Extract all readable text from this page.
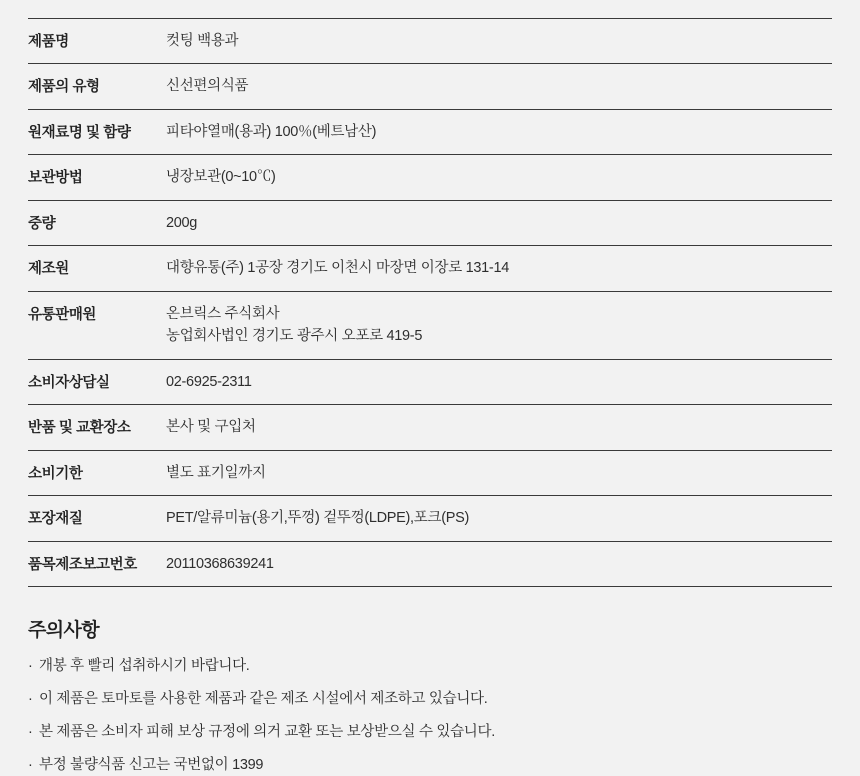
제품명	컷팅 백용과

제품의 유형	신선편의식품

원재료명 및 함량	피타야열매(용과) 100％(베트남산)

보관방법	냉장보관(0~10℃)

중량	200g

제조원	대향유통(주) 1공장 경기도 이천시 마장면 이장로 131-14

유통판매원	온브릭스 주식회사
농업회사법인 경기도 광주시 오포로 419-5

소비자상담실	02-6925-2311

반품 및 교환장소	본사 및 구입처

소비기한	별도 표기일까지

포장재질	PET/알류미늄(용기,뚜껑) 겉뚜껑(LDPE),포크(PS)

품목제조보고번호	20110368639241
주의사항
· 개봉 후 빨리 섭취하시기 바랍니다.
· 이 제품은 토마토를 사용한 제품과 같은 제조 시설에서 제조하고 있습니다.
· 본 제품은 소비자 피해 보상 규정에 의거 교환 또는 보상받으실 수 있습니다.
· 부정 불량식품 신고는 국번없이 1399
